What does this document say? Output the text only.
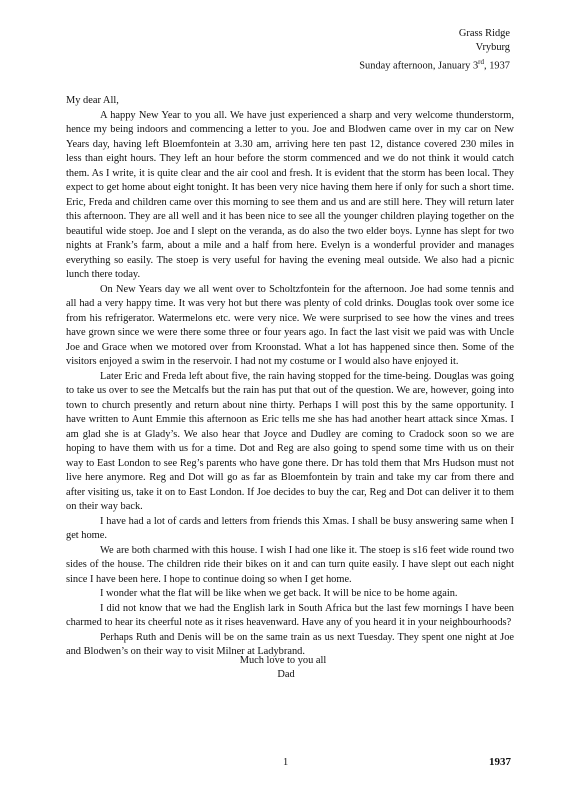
Grass Ridge
Vryburg
Sunday afternoon, January 3rd, 1937

My dear All,

A happy New Year to you all. We have just experienced a sharp and very welcome thunderstorm, hence my being indoors and commencing a letter to you. Joe and Blodwen came over in my car on New Years day, having left Bloemfontein at 3.30 am, arriving here ten past 12, distance covered 230 miles in less than eight hours. They left an hour before the storm commenced and we do not think it would catch them. As I write, it is quite clear and the air cool and fresh. It is evident that the storm has been local. They expect to get home about eight tonight. It has been very nice having them here if only for such a short time. Eric, Freda and children came over this morning to see them and us and are still here. They will return later this afternoon. They are all well and it has been nice to see all the younger children playing together on the beautiful wide stoep. Joe and I slept on the veranda, as do also the two elder boys. Lynne has slept for two nights at Frank’s farm, about a mile and a half from here. Evelyn is a wonderful provider and manages everything so easily. The stoep is very useful for having the evening meal outside. We also had a picnic lunch there today.

On New Years day we all went over to Scholtzfontein for the afternoon. Joe had some tennis and all had a very happy time. It was very hot but there was plenty of cold drinks. Douglas took over some ice from his refrigerator. Watermelons etc. were very nice. We were surprised to see how the vines and trees have grown since we were there some three or four years ago. In fact the last visit we paid was with Uncle Joe and Grace when we motored over from Kroonstad. What a lot has happened since then. Some of the visitors enjoyed a swim in the reservoir. I had not my costume or I would also have enjoyed it.

Later Eric and Freda left about five, the rain having stopped for the time-being. Douglas was going to take us over to see the Metcalfs but the rain has put that out of the question. We are, however, going into town to church presently and return about nine thirty. Perhaps I will post this by the same opportunity. I have written to Aunt Emmie this afternoon as Eric tells me she has had another heart attack since Xmas. I am glad she is at Glady’s. We also hear that Joyce and Dudley are coming to Cradock soon so we are hoping to have them with us for a time. Dot and Reg are also going to spend some time with us on their way to East London to see Reg’s parents who have gone there. Dr has told them that Mrs Hudson must not live here anymore. Reg and Dot will go as far as Bloemfontein by train and take my car from there and after visiting us, take it on to East London. If Joe decides to buy the car, Reg and Dot can deliver it to them on their way back.

I have had a lot of cards and letters from friends this Xmas. I shall be busy answering same when I get home.

We are both charmed with this house. I wish I had one like it. The stoep is s16 feet wide round two sides of the house. The children ride their bikes on it and can turn quite easily. I have slept out each night since I have been here. I hope to continue doing so when I get home.

I wonder what the flat will be like when we get back. It will be nice to be home again.

I did not know that we had the English lark in South Africa but the last few mornings I have been charmed to hear its cheerful note as it rises heavenward. Have any of you heard it in your neighbourhoods?

Perhaps Ruth and Denis will be on the same train as us next Tuesday. They spent one night at Joe and Blodwen’s on their way to visit Milner at Ladybrand.

Much love to you all
Dad
1	1937
